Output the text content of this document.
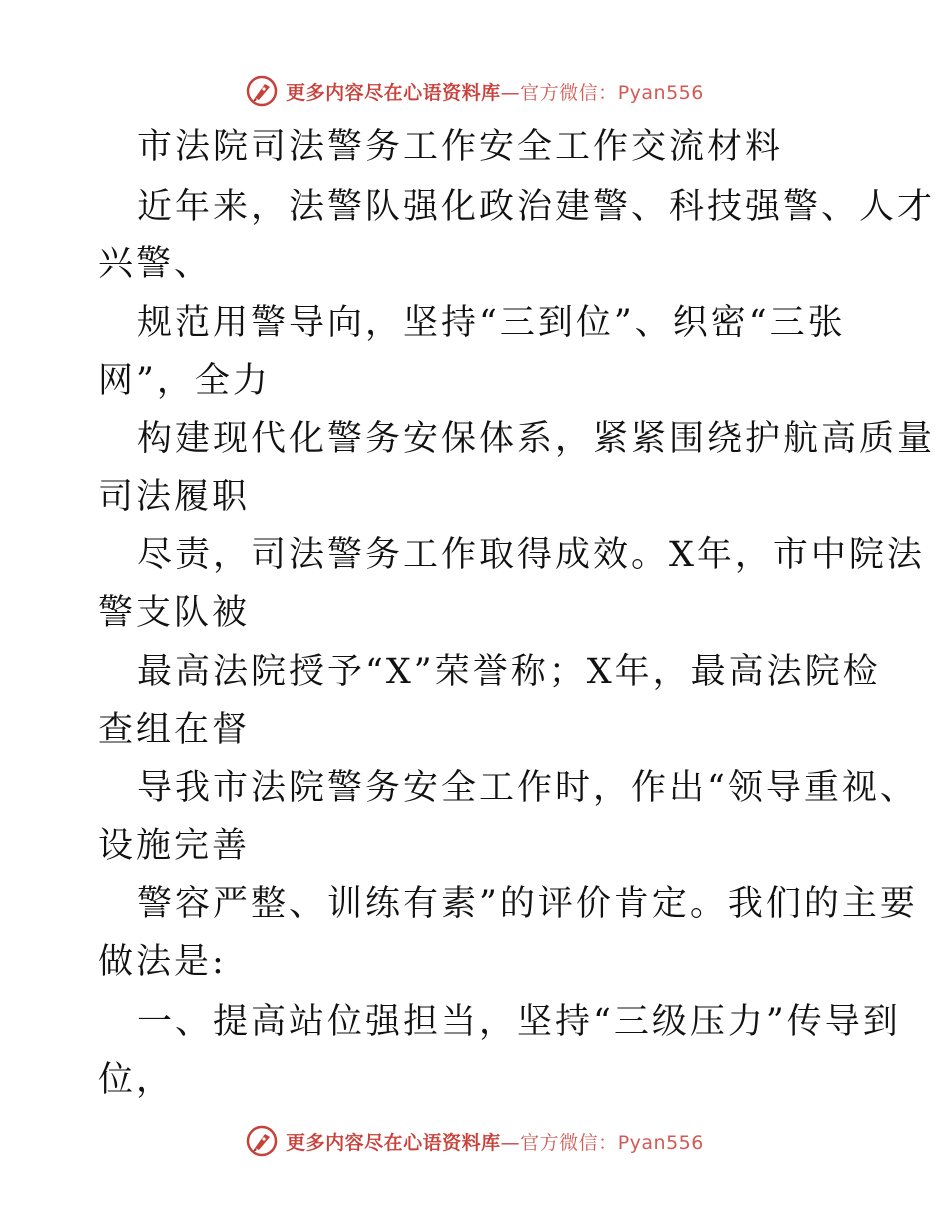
更多内容尽在心语资料库—官方微信：Pyan556
市法院司法警务工作安全工作交流材料
近年来，法警队强化政治建警、科技强警、人才
兴警、
规范用警导向，坚持“三到位”、织密“三张
网”，全力
构建现代化警务安保体系，紧紧围绕护航高质量
司法履职
尽责，司法警务工作取得成效。X年，市中院法
警支队被
最高法院授予“X”荣誉称；X年，最高法院检
查组在督
导我市法院警务安全工作时，作出“领导重视、
设施完善
警容严整、训练有素”的评价肯定。我们的主要
做法是:
一、提高站位强担当，坚持“三级压力”传导到
位，
更多内容尽在心语资料库—官方微信：Pyan556
